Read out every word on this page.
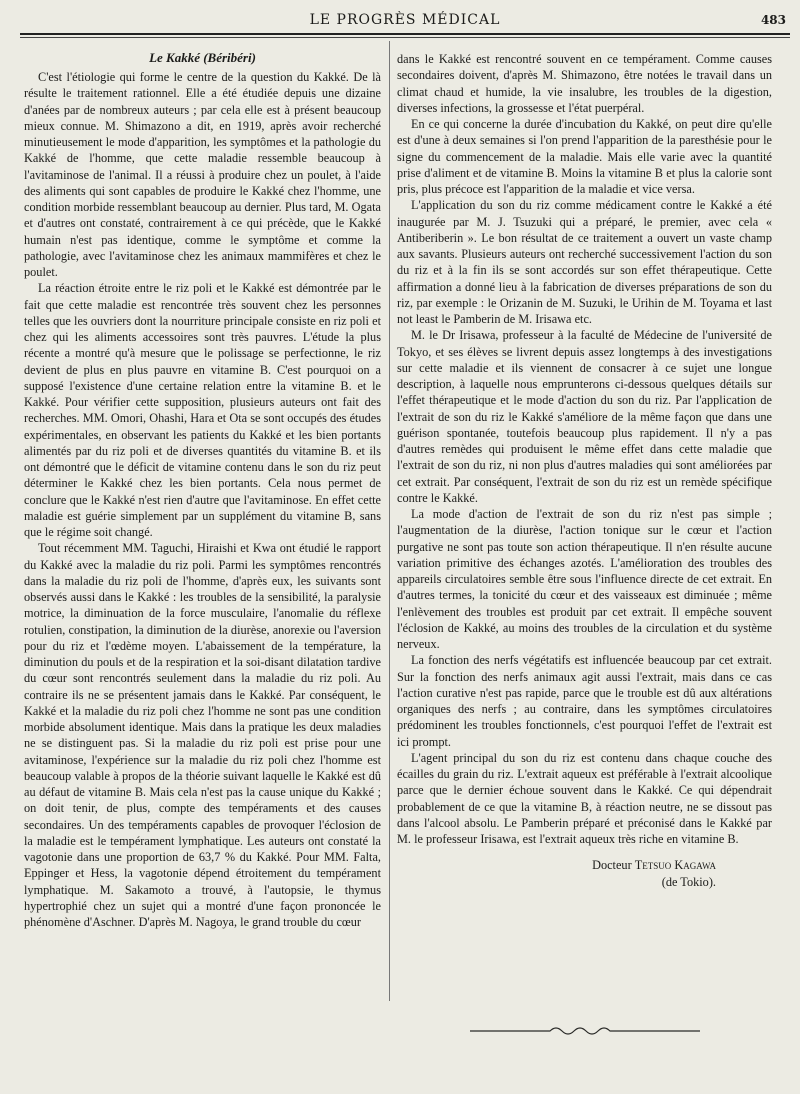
LE PROGRÈS MÉDICAL	483
Le Kakké (Béribéri)

C'est l'étiologie qui forme le centre de la question du Kakké. De là résulte le traitement rationnel. Elle a été étudiée depuis une dizaine d'anées par de nombreux auteurs ; par cela elle est à présent beaucoup mieux connue. M. Shimazono a dit, en 1919, après avoir recherché minutieusement le mode d'apparition, les symptômes et la pathologie du Kakké de l'homme, que cette maladie ressemble beaucoup à l'avitaminose de l'animal. Il a réussi à produire chez un poulet, à l'aide des aliments qui sont capables de produire le Kakké chez l'homme, une condition morbide ressemblant beaucoup au dernier. Plus tard, M. Ogata et d'autres ont constaté, contrairement à ce qui précède, que le Kakké humain n'est pas identique, comme le symptôme et comme la pathologie, avec l'avitaminose chez les animaux mammifères et chez le poulet.

La réaction étroite entre le riz poli et le Kakké est démontrée par le fait que cette maladie est rencontrée très souvent chez les personnes telles que les ouvriers dont la nourriture principale consiste en riz poli et chez qui les aliments accessoires sont très pauvres. L'étude la plus récente a montré qu'à mesure que le polissage se perfectionne, le riz devient de plus en plus pauvre en vitamine B. C'est pourquoi on a supposé l'existence d'une certaine relation entre la vitamine B. et le Kakké. Pour vérifier cette supposition, plusieurs auteurs ont fait des recherches. MM. Omori, Ohashi, Hara et Ota se sont occupés des études expérimentales, en observant les patients du Kakké et les bien portants alimentés par du riz poli et de diverses quantités du vitamine B. et ils ont démontré que le déficit de vitamine contenu dans le son du riz peut déterminer le Kakké chez les bien portants. Cela nous permet de conclure que le Kakké n'est rien d'autre que l'avitaminose. En effet cette maladie est guérie simplement par un supplément du vitamine B, sans que le régime soit changé.

Tout récemment MM. Taguchi, Hiraishi et Kwa ont étudié le rapport du Kakké avec la maladie du riz poli. Parmi les symptômes rencontrés dans la maladie du riz poli de l'homme, d'après eux, les suivants sont observés aussi dans le Kakké : les troubles de la sensibilité, la paralysie motrice, la diminuation de la force musculaire, l'anomalie du réflexe rotulien, constipation, la diminution de la diurèse, anorexie ou l'aversion pour du riz et l'œdème moyen. L'abaissement de la température, la diminution du pouls et de la respiration et la soi-disant dilatation tardive du cœur sont rencontrés seulement dans la maladie du riz poli. Au contraire ils ne se présentent jamais dans le Kakké. Par conséquent, le Kakké et la maladie du riz poli chez l'homme ne sont pas une condition morbide absolument identique. Mais dans la pratique les deux maladies ne se distinguent pas. Si la maladie du riz poli est prise pour une avitaminose, l'expérience sur la maladie du riz poli chez l'homme est beaucoup valable à propos de la théorie suivant laquelle le Kakké est dû au défaut de vitamine B. Mais cela n'est pas la cause unique du Kakké ; on doit tenir, de plus, compte des tempéraments et des causes secondaires. Un des tempéraments capables de provoquer l'éclosion de la maladie est le tempérament lymphatique. Les auteurs ont constaté la vagotonie dans une proportion de 63,7 % du Kakké. Pour MM. Falta, Eppinger et Hess, la vagotonie dépend étroitement du tempérament lymphatique. M. Sakamoto a trouvé, à l'autopsie, le thymus hypertrophié chez un sujet qui a montré d'une façon prononcée le phénomène d'Aschner. D'après M. Nagoya, le grand trouble du cœur

dans le Kakké est rencontré souvent en ce tempérament. Comme causes secondaires doivent, d'après M. Shimazono, être notées le travail dans un climat chaud et humide, la vie insalubre, les troubles de la digestion, diverses infections, la grossesse et l'état puerpéral.

En ce qui concerne la durée d'incubation du Kakké, on peut dire qu'elle est d'une à deux semaines si l'on prend l'apparition de la paresthésie pour le signe du commencement de la maladie. Mais elle varie avec la quantité prise d'aliment et de vitamine B. Moins la vitamine B et plus la calorie sont pris, plus précoce est l'apparition de la maladie et vice versa.

L'application du son du riz comme médicament contre le Kakké a été inaugurée par M. J. Tsuzuki qui a préparé, le premier, avec cela « Antiberiberin ». Le bon résultat de ce traitement a ouvert un vaste champ aux savants. Plusieurs auteurs ont recherché successivement l'action du son du riz et à la fin ils se sont accordés sur son effet thérapeutique. Cette affirmation a donné lieu à la fabrication de diverses préparations de son du riz, par exemple : le Orizanin de M. Suzuki, le Urihin de M. Toyama et last not least le Pamberin de M. Irisawa etc.

M. le Dr Irisawa, professeur à la faculté de Médecine de l'université de Tokyo, et ses élèves se livrent depuis assez longtemps à des investigations sur cette maladie et ils viennent de consacrer à ce sujet une longue description, à laquelle nous emprunterons ci-dessous quelques détails sur l'effet thérapeutique et le mode d'action du son du riz. Par l'application de l'extrait de son du riz le Kakké s'améliore de la même façon que dans une guérison spontanée, toutefois beaucoup plus rapidement. Il n'y a pas d'autres remèdes qui produisent le même effet dans cette maladie que l'extrait de son du riz, ni non plus d'autres maladies qui sont améliorées par cet extrait. Par conséquent, l'extrait de son du riz est un remède spécifique contre le Kakké.

La mode d'action de l'extrait de son du riz n'est pas simple ; l'augmentation de la diurèse, l'action tonique sur le cœur et l'action purgative ne sont pas toute son action thérapeutique. Il n'en résulte aucune variation primitive des échanges azotés. L'amélioration des troubles des appareils circulatoires semble être sous l'influence directe de cet extrait. En d'autres termes, la tonicité du cœur et des vaisseaux est diminuée ; même l'enlèvement des troubles est produit par cet extrait. Il empêche souvent l'éclosion de Kakké, au moins des troubles de la circulation et du système nerveux.

La fonction des nerfs végétatifs est influencée beaucoup par cet extrait. Sur la fonction des nerfs animaux agit aussi l'extrait, mais dans ce cas l'action curative n'est pas rapide, parce que le trouble est dû aux altérations organiques des nerfs ; au contraire, dans les symptômes circulatoires prédominent les troubles fonctionnels, c'est pourquoi l'effet de l'extrait est ici prompt.

L'agent principal du son du riz est contenu dans chaque couche des écailles du grain du riz. L'extrait aqueux est préférable à l'extrait alcoolique parce que le dernier échoue souvent dans le Kakké. Ce qui dépendrait probablement de ce que la vitamine B, à réaction neutre, ne se dissout pas dans l'alcool absolu. Le Pamberin préparé et préconisé dans le Kakké par M. le professeur Irisawa, est l'extrait aqueux très riche en vitamine B.

Docteur Tetsuo Kagawa
(de Tokio).
